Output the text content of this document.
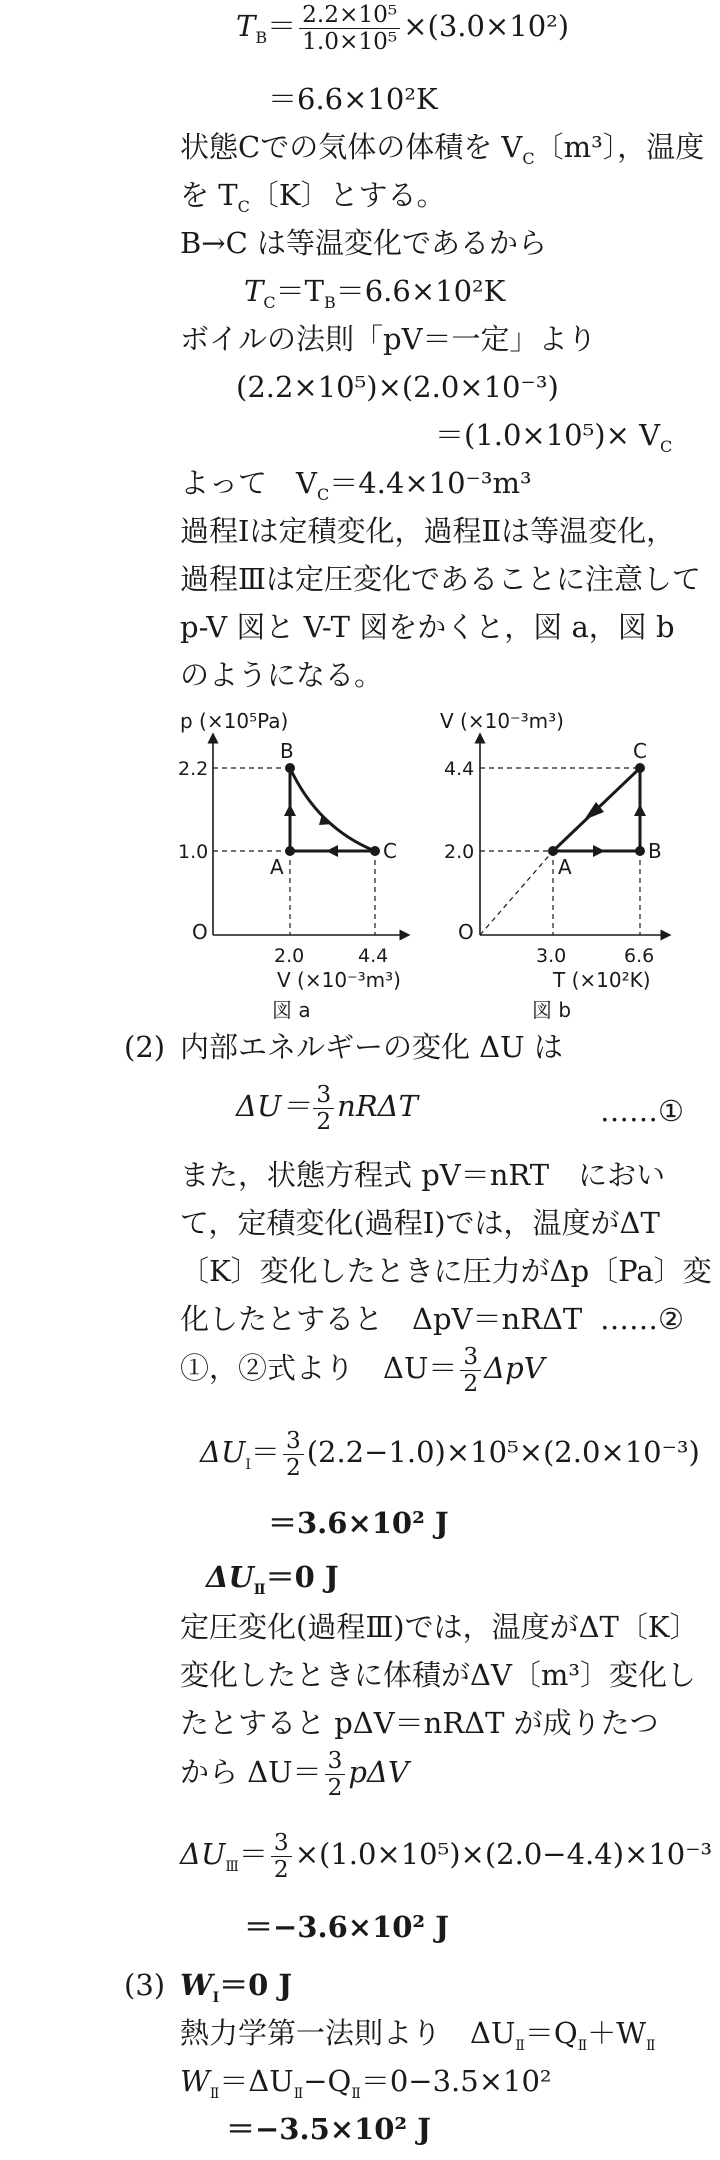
$T_B= \frac{\text{2.2×10⁵}}{\text{1.0×10⁵}} \times(3.0\times 10^2)$
＝6.6×10²K
状態Cでの気体の体積を $V_C$〔m³〕，温度
を $T_C$〔K〕とする。
B→C は等温変化であるから
$T_C=T_B=6.6\times 10^2K$
ボイルの法則「pV＝一定」より
(2.2×10⁵)×(2.0×10⁻³)
$=(1.0\times 10^5)\times V_C$
よって　$V_C=4.4\times 10^{-3}m^3$
過程Ⅰは定積変化，過程Ⅱは等温変化，
過程Ⅲは定圧変化であることに注意して
p-V 図と V-T 図をかくと，図 a，図 b
のようになる。
p (×10⁵Pa)
B
A
C
2.2
1.0
O
2.0	4.4
V (×10⁻³m³)
図 a
V (×10⁻³m³)
C
A
B
4.4
2.0
O
3.0	6.6
T (×10²K)
図 b
(2) 内部エネルギーの変化 ΔU は
$\Delta U= \frac{3}{2}$ nRΔT	……①
また，状態方程式 pV＝nRT　におい
て，定積変化(過程Ⅰ)では，温度がΔT
〔K〕変化したときに圧力がΔp〔Pa〕変
化したとすると　ΔpV＝nRΔT ……②
①，②式より　$\Delta U= \frac{3}{2}$ ΔpV
$\Delta U_Ⅰ= \frac{3}{2} (2.2-1.0)\times 10^5\times(2.0\times 10^{-3})$
＝3.6×10² J
$\Delta U_Ⅱ=0$ J
定圧変化(過程Ⅲ)では，温度がΔT〔K〕
変化したときに体積がΔV〔m³〕変化し
たとすると pΔV＝nRΔT が成りたつ
から $\Delta U= \frac{3}{2}$ pΔV
$\Delta U_Ⅲ= \frac{3}{2} \times(1.0\times 10^5)\times(2.0-4.4)\times 10^{-3}$
＝−3.6×10² J
(3) $W_Ⅰ=0$ J
熱力学第一法則より　$\Delta U_Ⅱ=Q_Ⅱ+W_Ⅱ$
$W_Ⅱ=\Delta U_Ⅱ-Q_Ⅱ=0-3.5\times 10^2$
＝−3.5×10² J
